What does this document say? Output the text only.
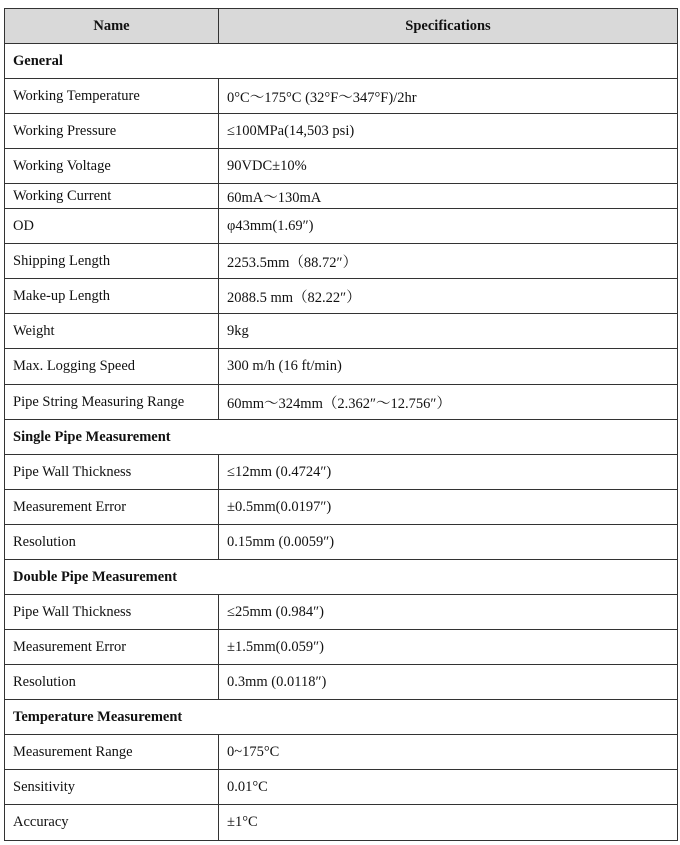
Name	Specifications
General	
Working Temperature	0°C～175°C (32°F～347°F)/2hr
Working Pressure	≤100MPa(14,503 psi)
Working Voltage	90VDC±10%
Working Current	60mA～130mA
OD	φ43mm(1.69″)
Shipping Length	2253.5mm（88.72″）
Make-up Length	2088.5 mm（82.22″）
Weight	9kg
Max. Logging Speed	300 m/h (16 ft/min)
Pipe String Measuring Range	60mm～324mm（2.362″～12.756″）
Single Pipe Measurement	
Pipe Wall Thickness	≤12mm (0.4724″)
Measurement Error	±0.5mm(0.0197″)
Resolution	0.15mm (0.0059″)
Double Pipe Measurement	
Pipe Wall Thickness	≤25mm (0.984″)
Measurement Error	±1.5mm(0.059″)
Resolution	0.3mm (0.0118″)
Temperature Measurement	
Measurement Range	0~175°C
Sensitivity	0.01°C
Accuracy	±1°C
